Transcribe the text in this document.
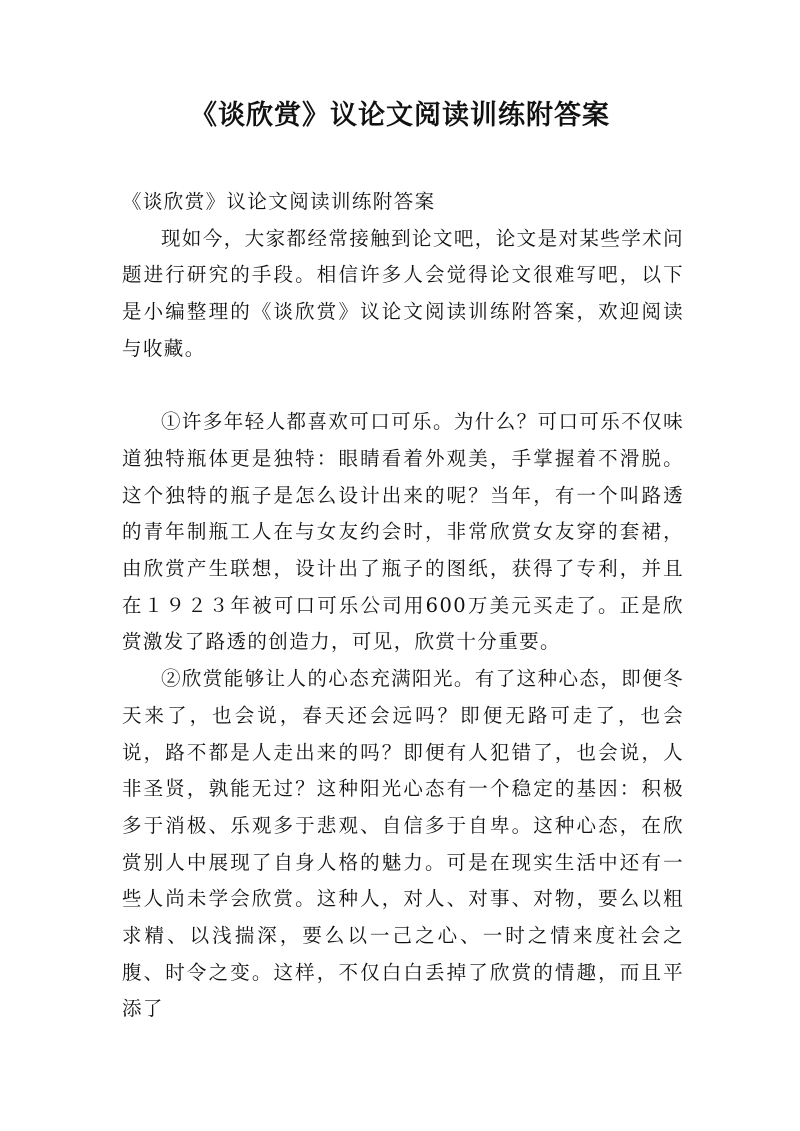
《谈欣赏》议论文阅读训练附答案

《谈欣赏》议论文阅读训练附答案

现如今，大家都经常接触到论文吧，论文是对某些学术问题进行研究的手段。相信许多人会觉得论文很难写吧，以下是小编整理的《谈欣赏》议论文阅读训练附答案，欢迎阅读与收藏。

①许多年轻人都喜欢可口可乐。为什么？可口可乐不仅味道独特瓶体更是独特：眼睛看着外观美，手掌握着不滑脱。这个独特的瓶子是怎么设计出来的呢？当年，有一个叫路透的青年制瓶工人在与女友约会时，非常欣赏女友穿的套裙，由欣赏产生联想，设计出了瓶子的图纸，获得了专利，并且在１９２３年被可口可乐公司用600万美元买走了。正是欣赏激发了路透的创造力，可见，欣赏十分重要。

②欣赏能够让人的心态充满阳光。有了这种心态，即便冬天来了，也会说，春天还会远吗？即便无路可走了，也会说，路不都是人走出来的吗？即便有人犯错了，也会说，人非圣贤，孰能无过？这种阳光心态有一个稳定的基因：积极多于消极、乐观多于悲观、自信多于自卑。这种心态，在欣赏别人中展现了自身人格的魅力。可是在现实生活中还有一些人尚未学会欣赏。这种人，对人、对事、对物，要么以粗求精、以浅揣深，要么以一己之心、一时之情来度社会之腹、时令之变。这样，不仅白白丢掉了欣赏的情趣，而且平添了
